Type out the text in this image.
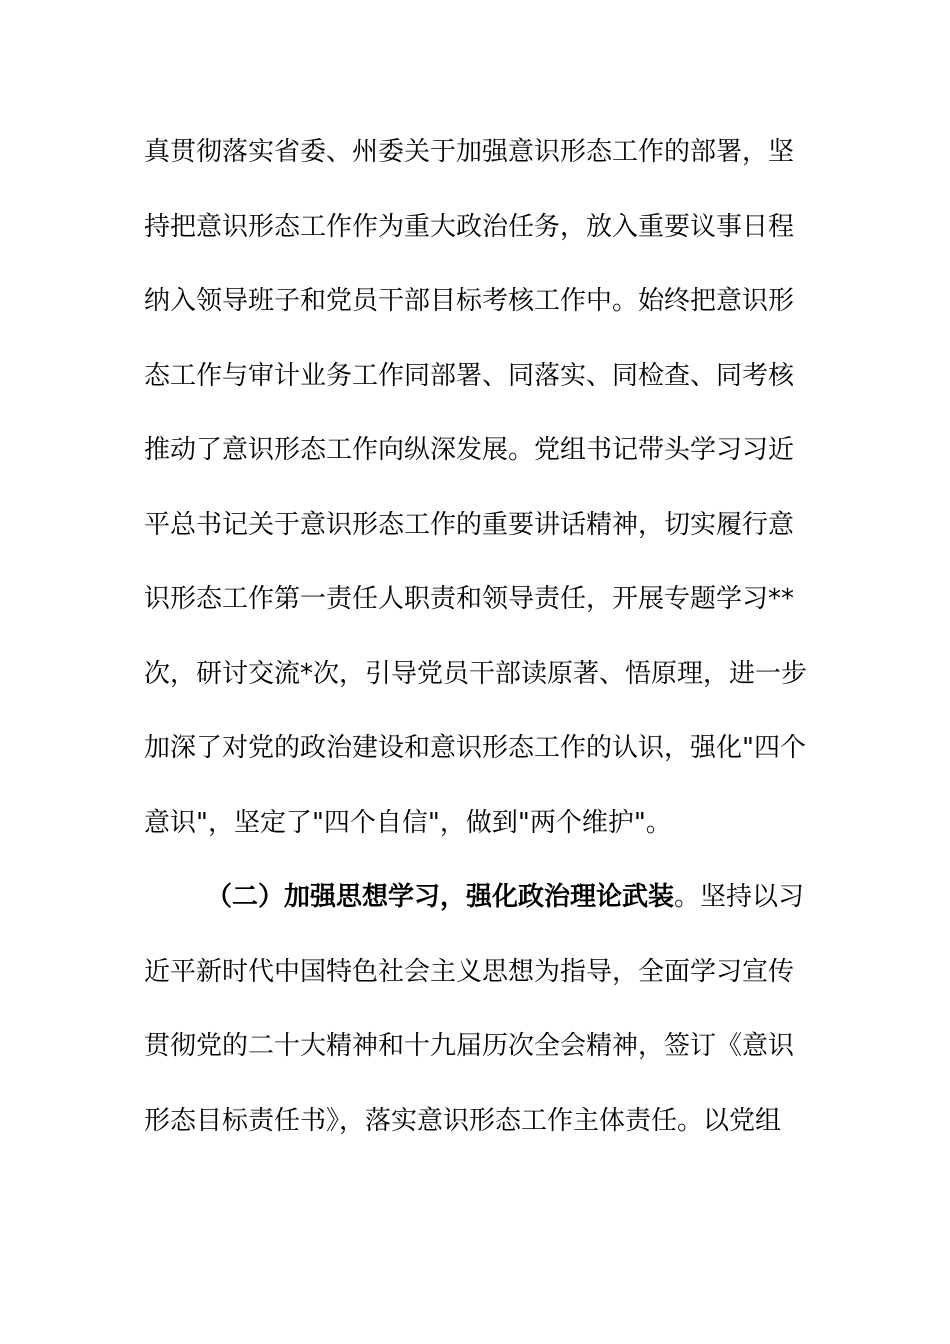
真贯彻落实省委、州委关于加强意识形态工作的部署，坚
持把意识形态工作作为重大政治任务，放入重要议事日程
纳入领导班子和党员干部目标考核工作中。始终把意识形
态工作与审计业务工作同部署、同落实、同检查、同考核
推动了意识形态工作向纵深发展。党组书记带头学习习近
平总书记关于意识形态工作的重要讲话精神，切实履行意
识形态工作第一责任人职责和领导责任，开展专题学习**
次，研讨交流*次，引导党员干部读原著、悟原理，进一步
加深了对党的政治建设和意识形态工作的认识，强化"四个
意识"，坚定了"四个自信"，做到"两个维护"。
（二）加强思想学习，强化政治理论武装。坚持以习
近平新时代中国特色社会主义思想为指导，全面学习宣传
贯彻党的二十大精神和十九届历次全会精神，签订《意识
形态目标责任书》，落实意识形态工作主体责任。以党组
